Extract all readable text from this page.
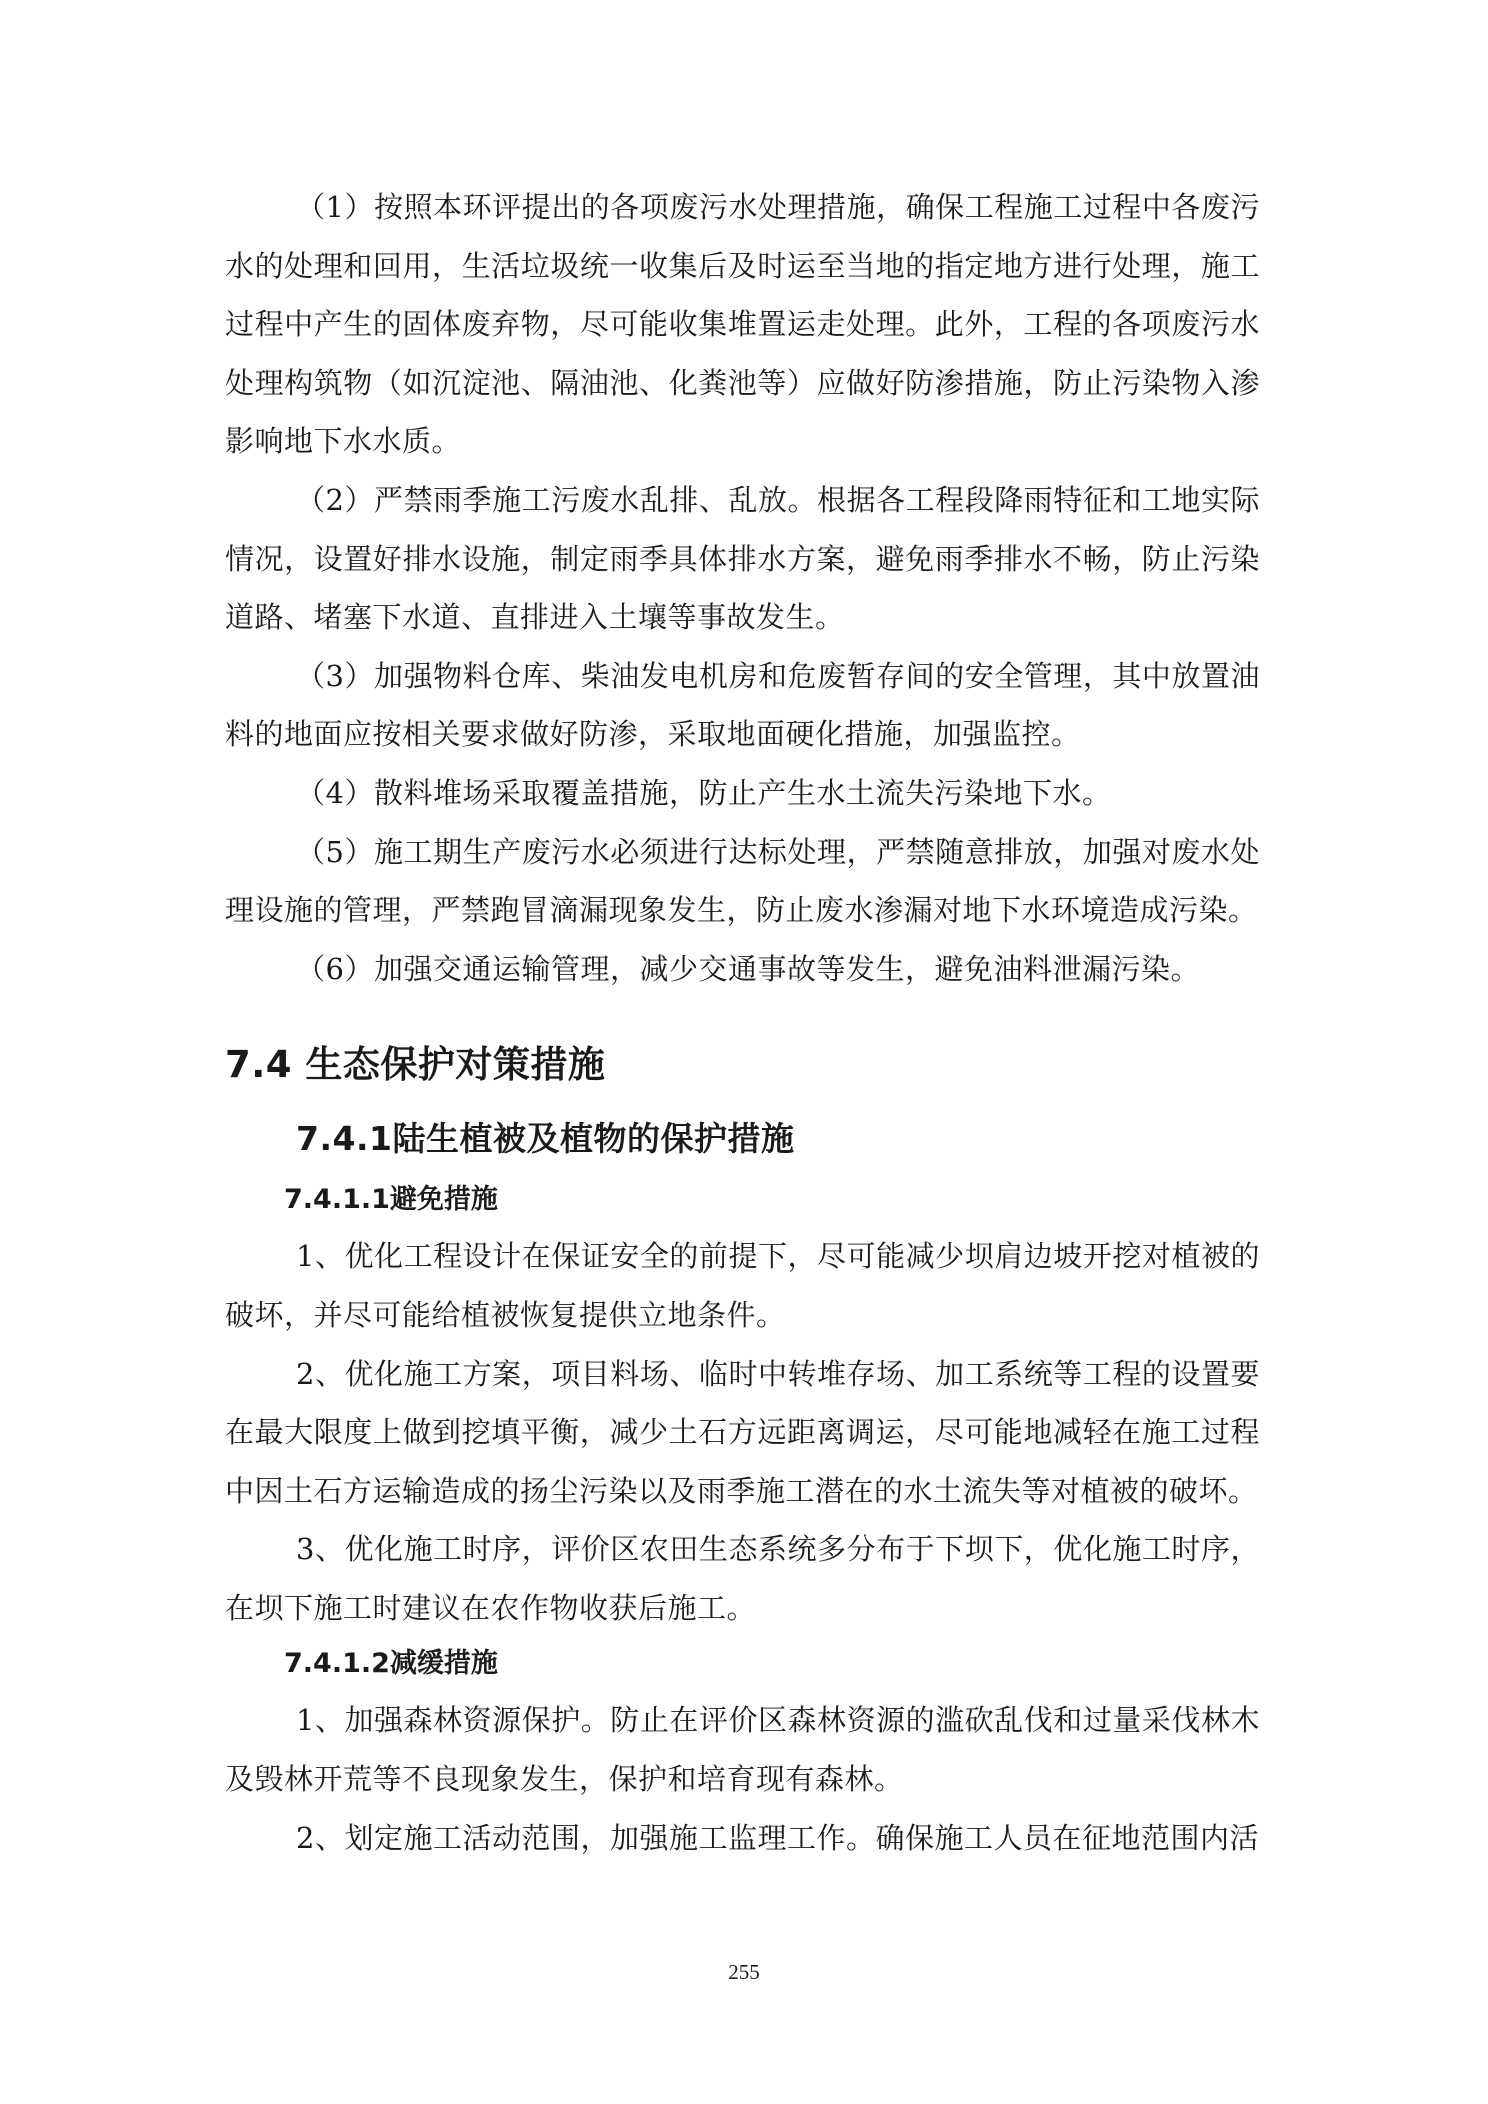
（1）按照本环评提出的各项废污水处理措施，确保工程施工过程中各废污水的处理和回用，生活垃圾统一收集后及时运至当地的指定地方进行处理，施工过程中产生的固体废弃物，尽可能收集堆置运走处理。此外，工程的各项废污水处理构筑物（如沉淀池、隔油池、化粪池等）应做好防渗措施，防止污染物入渗影响地下水水质。

（2）严禁雨季施工污废水乱排、乱放。根据各工程段降雨特征和工地实际情况，设置好排水设施，制定雨季具体排水方案，避免雨季排水不畅，防止污染道路、堵塞下水道、直排进入土壤等事故发生。

（3）加强物料仓库、柴油发电机房和危废暂存间的安全管理，其中放置油料的地面应按相关要求做好防渗，采取地面硬化措施，加强监控。

（4）散料堆场采取覆盖措施，防止产生水土流失污染地下水。

（5）施工期生产废污水必须进行达标处理，严禁随意排放，加强对废水处理设施的管理，严禁跑冒滴漏现象发生，防止废水渗漏对地下水环境造成污染。

（6）加强交通运输管理，减少交通事故等发生，避免油料泄漏污染。

7.4 生态保护对策措施
7.4.1陆生植被及植物的保护措施
7.4.1.1避免措施

1、优化工程设计在保证安全的前提下，尽可能减少坝肩边坡开挖对植被的破坏，并尽可能给植被恢复提供立地条件。

2、优化施工方案，项目料场、临时中转堆存场、加工系统等工程的设置要在最大限度上做到挖填平衡，减少土石方远距离调运，尽可能地减轻在施工过程中因土石方运输造成的扬尘污染以及雨季施工潜在的水土流失等对植被的破坏。

3、优化施工时序，评价区农田生态系统多分布于下坝下，优化施工时序，在坝下施工时建议在农作物收获后施工。

7.4.1.2减缓措施

1、加强森林资源保护。防止在评价区森林资源的滥砍乱伐和过量采伐林木及毁林开荒等不良现象发生，保护和培育现有森林。

2、划定施工活动范围，加强施工监理工作。确保施工人员在征地范围内活

255
